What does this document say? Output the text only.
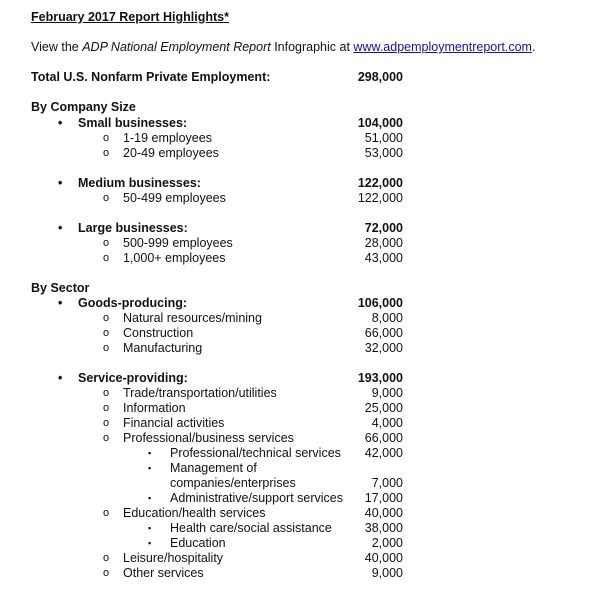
February 2017 Report Highlights*
View the ADP National Employment Report Infographic at www.adpemploymentreport.com.
Total U.S. Nonfarm Private Employment:	298,000
By Company Size
• Small businesses:	104,000
o 1-19 employees	51,000
o 20-49 employees	53,000
• Medium businesses:	122,000
o 50-499 employees	122,000
• Large businesses:	72,000
o 500-999 employees	28,000
o 1,000+ employees	43,000
By Sector
• Goods-producing:	106,000
o Natural resources/mining	8,000
o Construction	66,000
o Manufacturing	32,000
• Service-providing:	193,000
o Trade/transportation/utilities	9,000
o Information	25,000
o Financial activities	4,000
o Professional/business services	66,000
▪ Professional/technical services 42,000
▪ Management of
companies/enterprises	7,000
▪ Administrative/support services 17,000
o Education/health services	40,000
▪ Health care/social assistance	38,000
▪ Education	2,000
o Leisure/hospitality	40,000
o Other services	9,000
